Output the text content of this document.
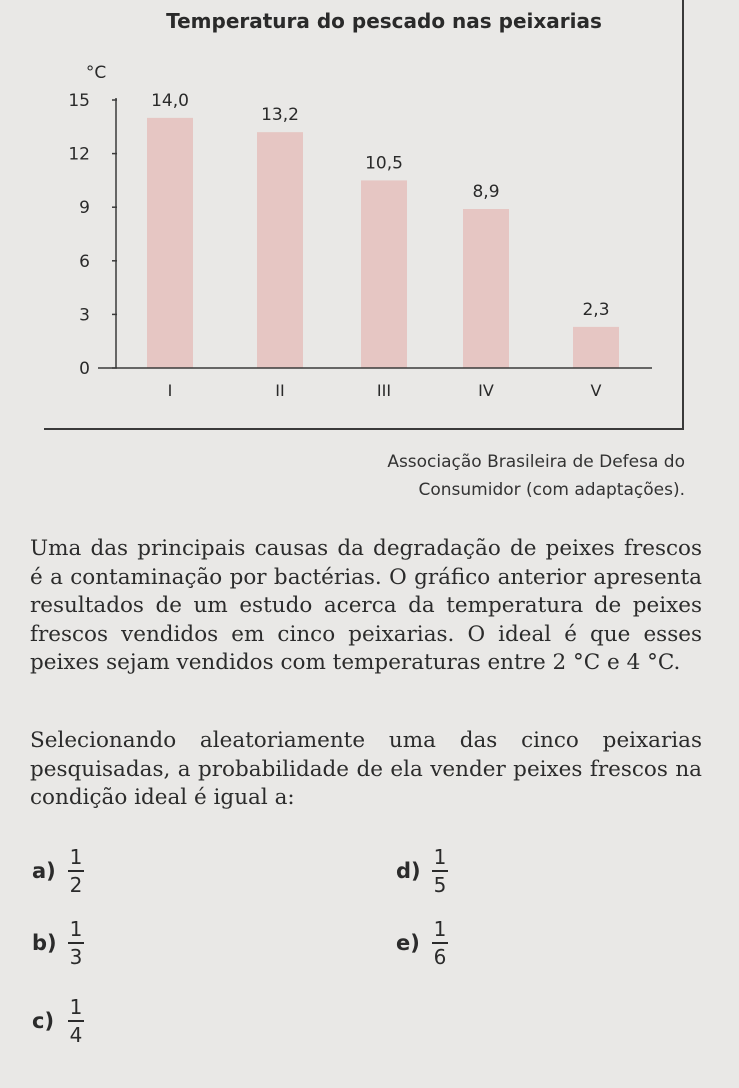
Temperatura do pescado nas peixarias
°C
0
3
6
9
12
15	14,0
I
13,2
II
10,5
III
8,9
IV
2,3
V
Associação Brasileira de Defesa do
Consumidor (com adaptações).

Uma das principais causas da degradação de peixes frescos é a contaminação por bactérias. O gráfico anterior apresenta resultados de um estudo acerca da temperatura de peixes frescos vendidos em cinco peixarias. O ideal é que esses peixes sejam vendidos com temperaturas entre 2 °C e 4 °C.

Selecionando aleatoriamente uma das cinco peixarias pesquisadas, a probabilidade de ela vender peixes frescos na condição ideal é igual a:

$a) \frac{1}{2}$
$b) \frac{1}{3}$
$c) \frac{1}{4}$
$d) \frac{1}{5}$
$e) \frac{1}{6}$
